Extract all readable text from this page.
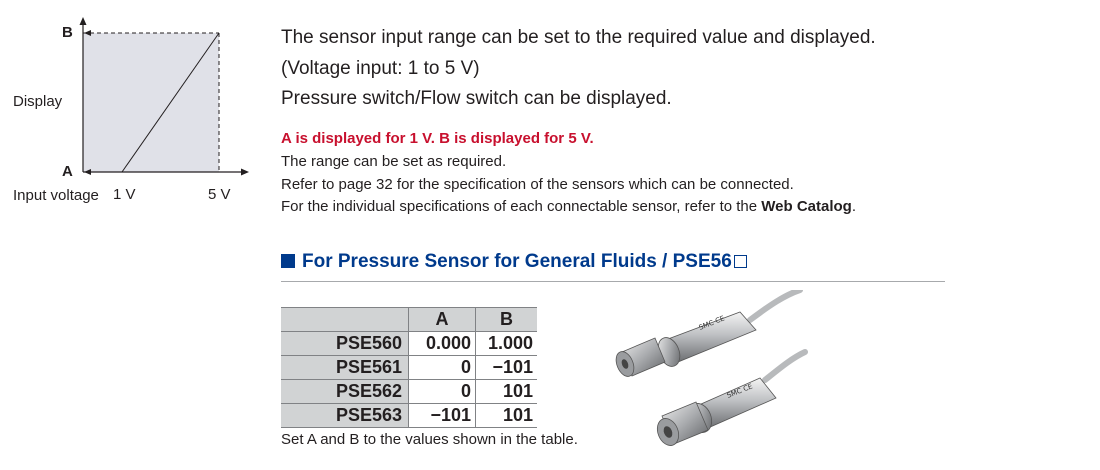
B
A
Display
Input voltage 1 V	5 V
The sensor input range can be set to the required value and displayed.
(Voltage input: 1 to 5 V)
Pressure switch/Flow switch can be displayed.
A is displayed for 1 V. B is displayed for 5 V.
The range can be set as required.
Refer to page 32 for the specification of the sensors which can be connected.
For the individual specifications of each connectable sensor, refer to the Web Catalog.
For Pressure Sensor for General Fluids / PSE56
	A	B
PSE560	0.000	1.000
PSE561	0	−101
PSE562	0	101
PSE563	−101	101
Set A and B to the values shown in the table.
SMC CE
SMC CE
